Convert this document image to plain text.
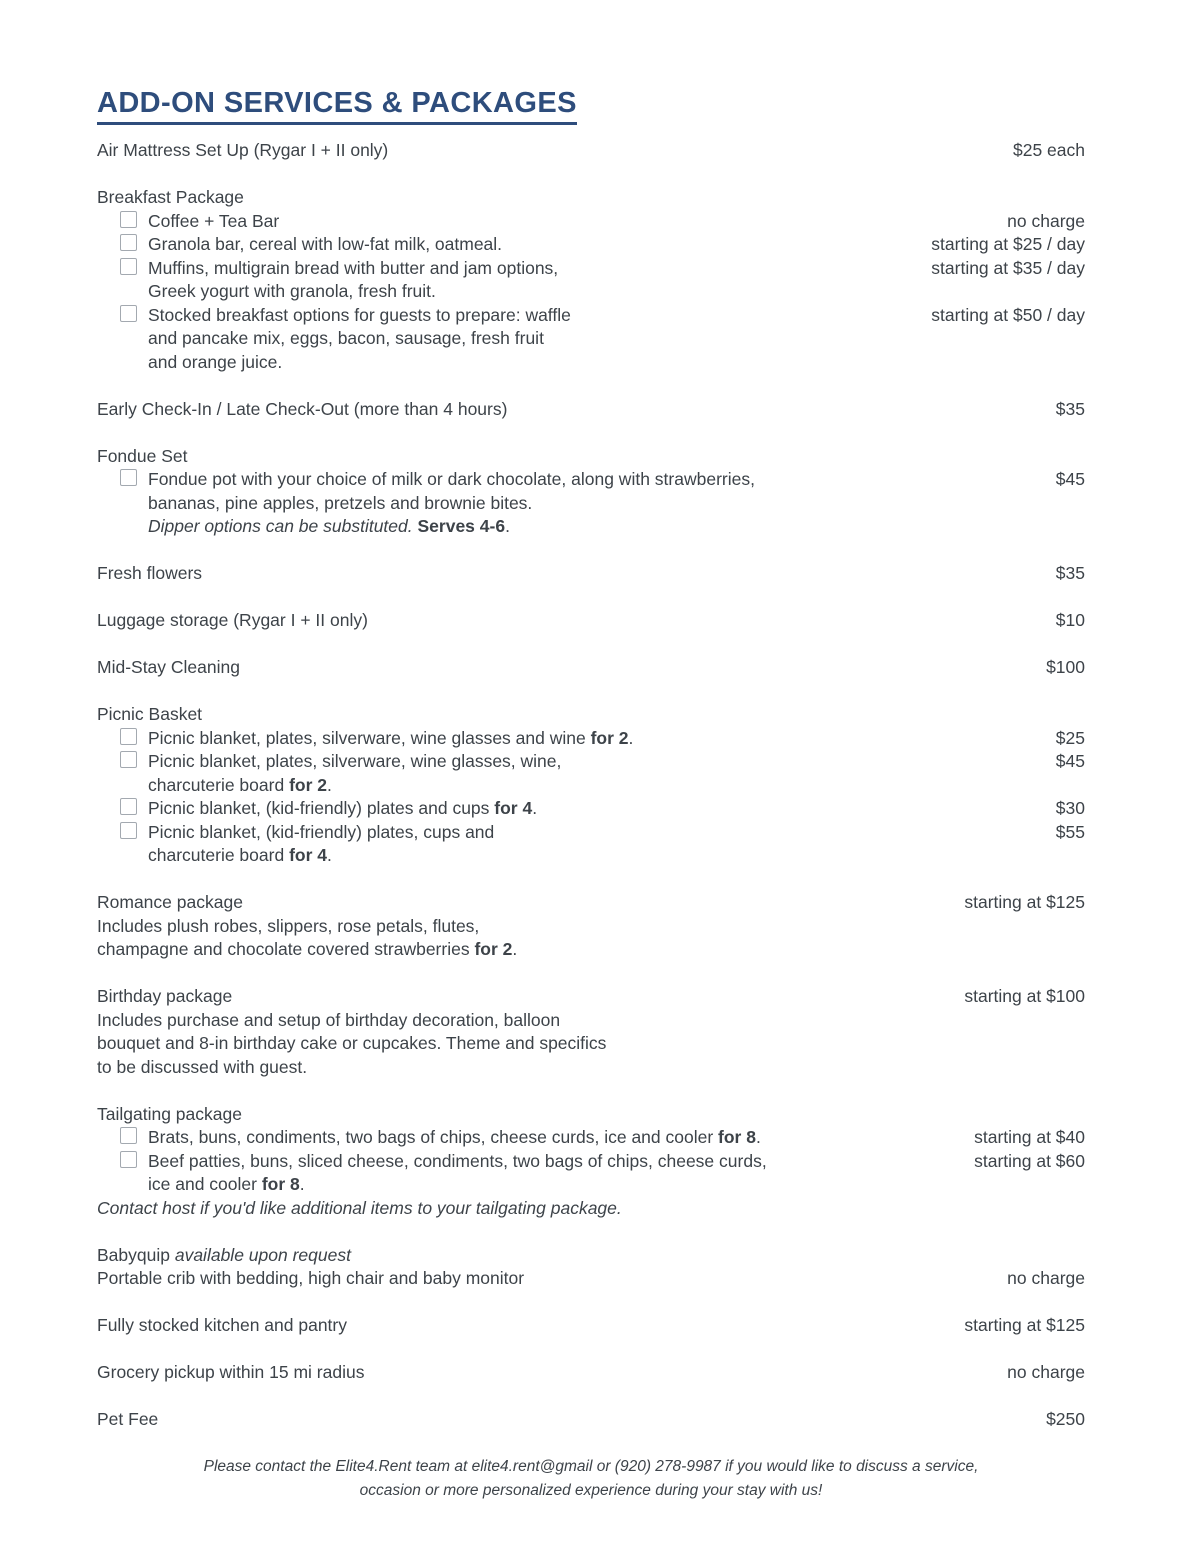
ADD-ON SERVICES & PACKAGES
Air Mattress Set Up (Rygar I + II only)	$25 each
Breakfast Package
Coffee + Tea Bar	no charge
Granola bar, cereal with low-fat milk, oatmeal.	starting at $25 / day
Muffins, multigrain bread with butter and jam options,	starting at $35 / day
Greek yogurt with granola, fresh fruit.
Stocked breakfast options for guests to prepare: waffle	starting at $50 / day
and pancake mix, eggs, bacon, sausage, fresh fruit
and orange juice.
Early Check-In / Late Check-Out (more than 4 hours)	$35
Fondue Set
Fondue pot with your choice of milk or dark chocolate, along with strawberries,	$45
bananas, pine apples, pretzels and brownie bites.
Dipper options can be substituted. Serves 4-6.
Fresh flowers	$35
Luggage storage (Rygar I + II only)	$10
Mid-Stay Cleaning	$100
Picnic Basket
Picnic blanket, plates, silverware, wine glasses and wine for 2.	$25
Picnic blanket, plates, silverware, wine glasses, wine,	$45
charcuterie board for 2.
Picnic blanket, (kid-friendly) plates and cups for 4.	$30
Picnic blanket, (kid-friendly) plates, cups and	$55
charcuterie board for 4.
Romance package	starting at $125
Includes plush robes, slippers, rose petals, flutes,
champagne and chocolate covered strawberries for 2.
Birthday package	starting at $100
Includes purchase and setup of birthday decoration, balloon
bouquet and 8-in birthday cake or cupcakes. Theme and specifics
to be discussed with guest.
Tailgating package
Brats, buns, condiments, two bags of chips, cheese curds, ice and cooler for 8.	starting at $40
Beef patties, buns, sliced cheese, condiments, two bags of chips, cheese curds,	starting at $60
ice and cooler for 8.
Contact host if you'd like additional items to your tailgating package.
Babyquip available upon request
Portable crib with bedding, high chair and baby monitor	no charge
Fully stocked kitchen and pantry	starting at $125
Grocery pickup within 15 mi radius	no charge
Pet Fee	$250
Please contact the Elite4.Rent team at elite4.rent@gmail or (920) 278-9987 if you would like to discuss a service,
occasion or more personalized experience during your stay with us!
